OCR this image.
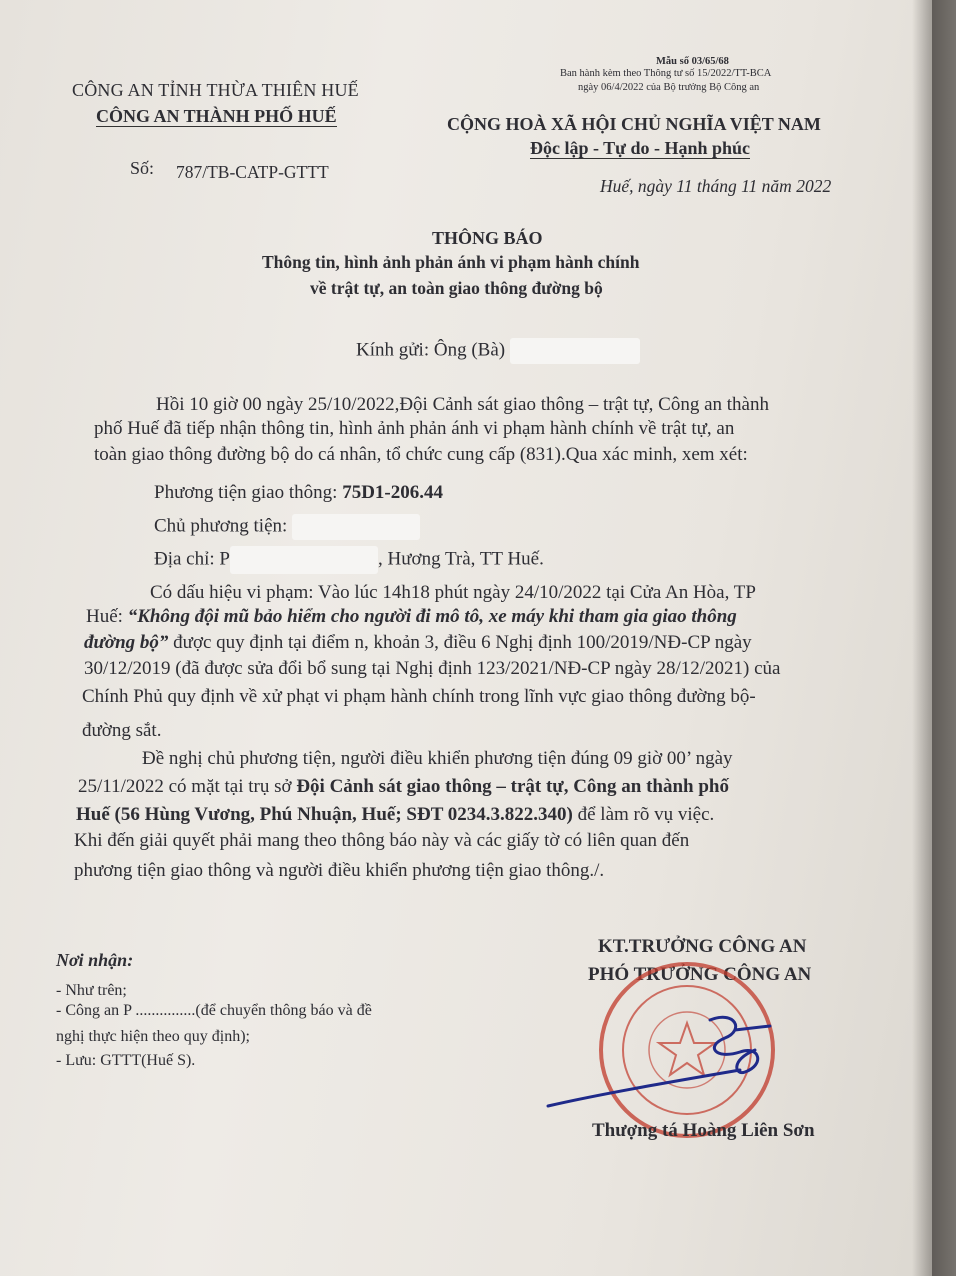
Mẫu số 03/65/68
Ban hành kèm theo Thông tư số 15/2022/TT-BCA
ngày 06/4/2022 của Bộ trưởng Bộ Công an
CÔNG AN TỈNH THỪA THIÊN HUẾ
CÔNG AN THÀNH PHỐ HUẾ
Số: 787/TB-CATP-GTTT
CỘNG HOÀ XÃ HỘI CHỦ NGHĨA VIỆT NAM
Độc lập - Tự do - Hạnh phúc
Huế, ngày 11 tháng 11 năm 2022
THÔNG BÁO
Thông tin, hình ảnh phản ánh vi phạm hành chính
về trật tự, an toàn giao thông đường bộ
Kính gửi: Ông (Bà)
Hồi 10 giờ 00 ngày 25/10/2022,Đội Cảnh sát giao thông – trật tự, Công an thành
phố Huế đã tiếp nhận thông tin, hình ảnh phản ánh vi phạm hành chính về trật tự, an
toàn giao thông đường bộ do cá nhân, tổ chức cung cấp (831).Qua xác minh, xem xét:
Phương tiện giao thông: 75D1-206.44
Chủ phương tiện:
Địa chỉ: P	, Hương Trà, TT Huế.
Có dấu hiệu vi phạm: Vào lúc 14h18 phút ngày 24/10/2022 tại Cửa An Hòa, TP
Huế: “Không đội mũ bảo hiểm cho người đi mô tô, xe máy khi tham gia giao thông
đường bộ” được quy định tại điểm n, khoản 3, điều 6 Nghị định 100/2019/NĐ-CP ngày
30/12/2019 (đã được sửa đổi bổ sung tại Nghị định 123/2021/NĐ-CP ngày 28/12/2021) của
Chính Phủ quy định về xử phạt vi phạm hành chính trong lĩnh vực giao thông đường bộ-
đường sắt.
Đề nghị chủ phương tiện, người điều khiển phương tiện đúng 09 giờ 00’ ngày
25/11/2022 có mặt tại trụ sở Đội Cảnh sát giao thông – trật tự, Công an thành phố
Huế (56 Hùng Vương, Phú Nhuận, Huế; SĐT 0234.3.822.340) để làm rõ vụ việc.
Khi đến giải quyết phải mang theo thông báo này và các giấy tờ có liên quan đến
phương tiện giao thông và người điều khiển phương tiện giao thông./.
Nơi nhận:
- Như trên;
- Công an P ...............(để chuyển thông báo và đề
nghị thực hiện theo quy định);
- Lưu: GTTT(Huế S).
KT.TRƯỞNG CÔNG AN
PHÓ TRƯỞNG CÔNG AN
Thượng tá Hoàng Liên Sơn
